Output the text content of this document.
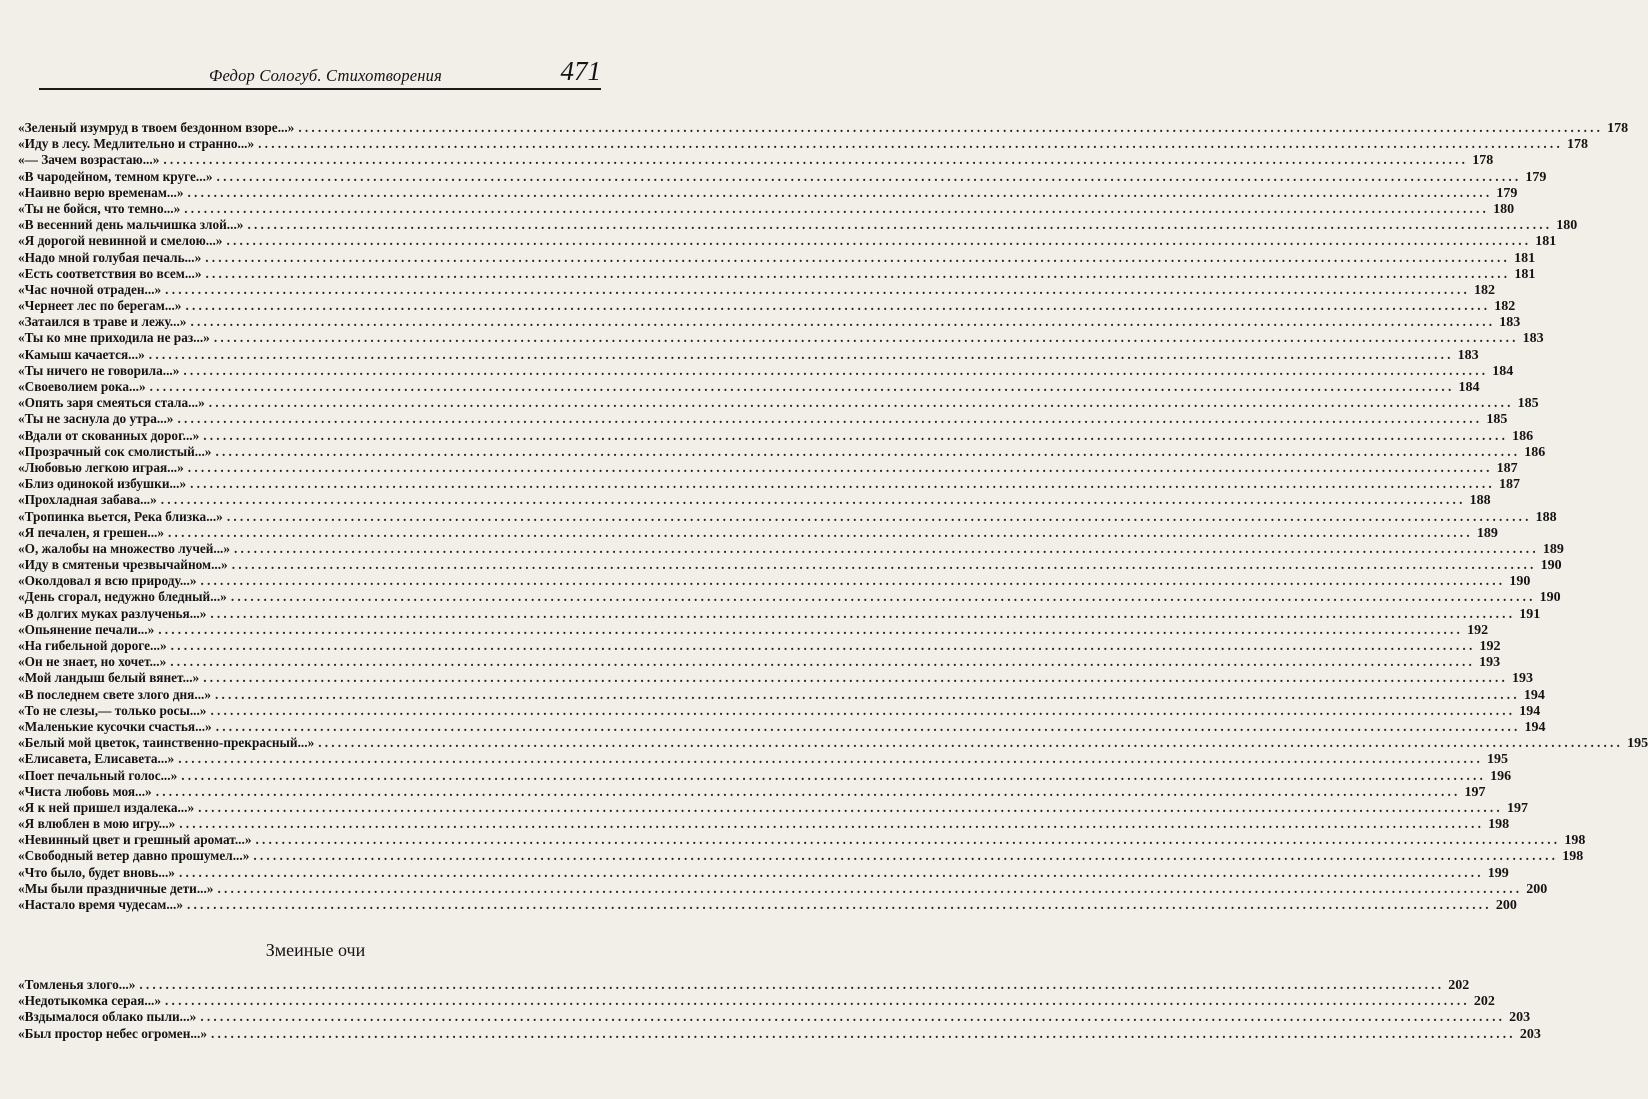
Федор Сологуб. Стихотворения	471
«Зеленый изумруд в твоем бездонном взоре...» ........................................................................................................................................................................................................ 178
«Иду в лесу. Медлительно и странно...» ........................................................................................................................................................................................................ 178
«— Зачем возрастаю...» ........................................................................................................................................................................................................ 178
«В чародейном, темном круге...» ........................................................................................................................................................................................................ 179
«Наивно верю временам...» ........................................................................................................................................................................................................ 179
«Ты не бойся, что темно...» ........................................................................................................................................................................................................ 180
«В весенний день мальчишка злой...» ........................................................................................................................................................................................................ 180
«Я дорогой невинной и смелою...» ........................................................................................................................................................................................................ 181
«Надо мной голубая печаль...» ........................................................................................................................................................................................................ 181
«Есть соответствия во всем...» ........................................................................................................................................................................................................ 181
«Час ночной отраден...» ........................................................................................................................................................................................................ 182
«Чернеет лес по берегам...» ........................................................................................................................................................................................................ 182
«Затаился в траве и лежу...» ........................................................................................................................................................................................................ 183
«Ты ко мне приходила не раз...» ........................................................................................................................................................................................................ 183
«Камыш качается...» ........................................................................................................................................................................................................ 183
«Ты ничего не говорила...» ........................................................................................................................................................................................................ 184
«Своеволием рока...» ........................................................................................................................................................................................................ 184
«Опять заря смеяться стала...» ........................................................................................................................................................................................................ 185
«Ты не заснула до утра...» ........................................................................................................................................................................................................ 185
«Вдали от скованных дорог...» ........................................................................................................................................................................................................ 186
«Прозрачный сок смолистый...» ........................................................................................................................................................................................................ 186
«Любовью легкою играя...» ........................................................................................................................................................................................................ 187
«Близ одинокой избушки...» ........................................................................................................................................................................................................ 187
«Прохладная забава...» ........................................................................................................................................................................................................ 188
«Тропинка вьется, Река близка...» ........................................................................................................................................................................................................ 188
«Я печален, я грешен...» ........................................................................................................................................................................................................ 189
«О, жалобы на множество лучей...» ........................................................................................................................................................................................................ 189
«Иду в смятеньи чрезвычайном...» ........................................................................................................................................................................................................ 190
«Околдовал я всю природу...» ........................................................................................................................................................................................................ 190
«День сгорал, недужно бледный...» ........................................................................................................................................................................................................ 190
«В долгих муках разлученья...» ........................................................................................................................................................................................................ 191
«Опьянение печали...» ........................................................................................................................................................................................................ 192
«На гибельной дороге...» ........................................................................................................................................................................................................ 192
«Он не знает, но хочет...» ........................................................................................................................................................................................................ 193
«Мой ландыш белый вянет...» ........................................................................................................................................................................................................ 193
«В последнем свете злого дня...» ........................................................................................................................................................................................................ 194
«То не слезы,— только росы...» ........................................................................................................................................................................................................ 194
«Маленькие кусочки счастья...» ........................................................................................................................................................................................................ 194
«Белый мой цветок, таинственно-прекрасный...» ........................................................................................................................................................................................................ 195
«Елисавета, Елисавета...» ........................................................................................................................................................................................................ 195
«Поет печальный голос...» ........................................................................................................................................................................................................ 196
«Чиста любовь моя...» ........................................................................................................................................................................................................ 197
«Я к ней пришел издалека...» ........................................................................................................................................................................................................ 197
«Я влюблен в мою игру...» ........................................................................................................................................................................................................ 198
«Невинный цвет и грешный аромат...» ........................................................................................................................................................................................................ 198
«Свободный ветер давно прошумел...» ........................................................................................................................................................................................................ 198
«Что было, будет вновь...» ........................................................................................................................................................................................................ 199
«Мы были праздничные дети...» ........................................................................................................................................................................................................ 200
«Настало время чудесам...» ........................................................................................................................................................................................................ 200
Змеиные очи
«Томленья злого...» ........................................................................................................................................................................................................ 202
«Недотыкомка серая...» ........................................................................................................................................................................................................ 202
«Вздымалося облако пыли...» ........................................................................................................................................................................................................ 203
«Был простор небес огромен...» ........................................................................................................................................................................................................ 203
